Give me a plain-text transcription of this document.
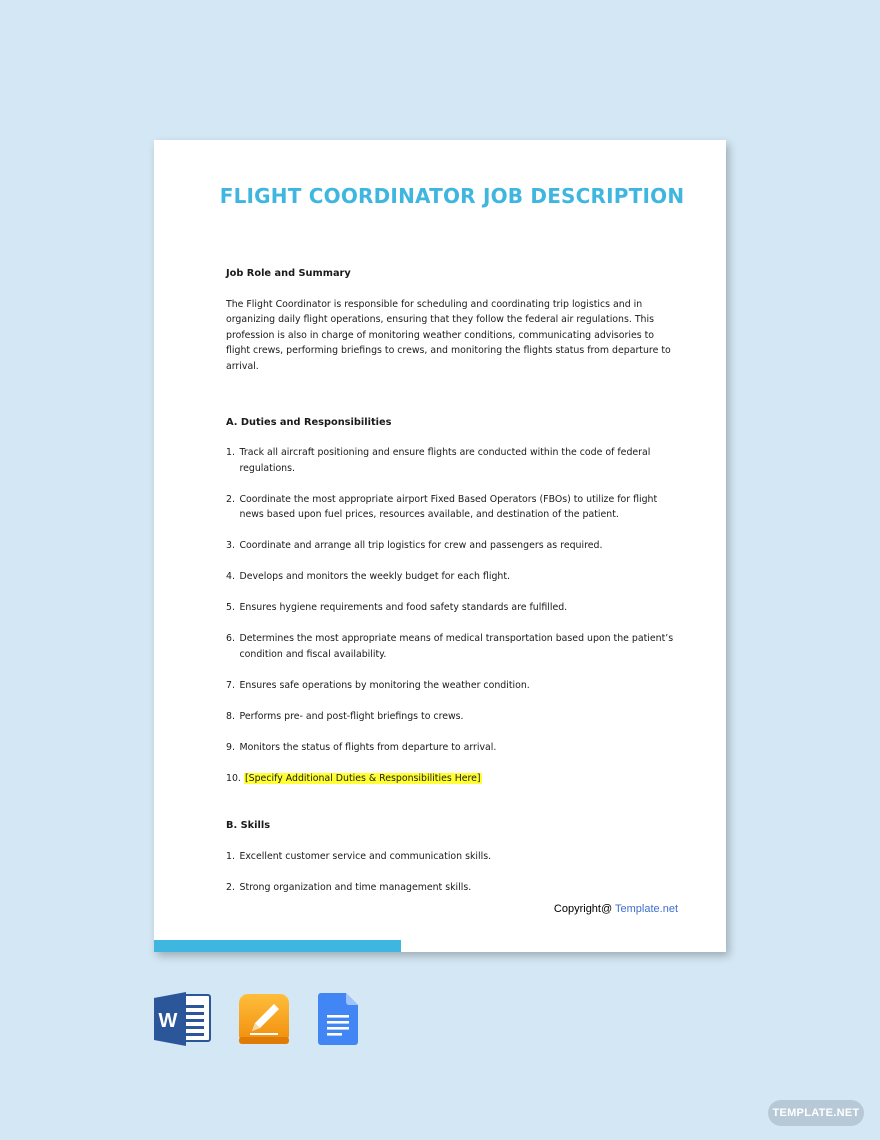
FLIGHT COORDINATOR JOB DESCRIPTION

Job Role and Summary

The Flight Coordinator is responsible for scheduling and coordinating trip logistics and in organizing daily flight operations, ensuring that they follow the federal air regulations. This profession is also in charge of monitoring weather conditions, communicating advisories to flight crews, performing briefings to crews, and monitoring the flights status from departure to arrival.

A. Duties and Responsibilities

1. Track all aircraft positioning and ensure flights are conducted within the code of federal regulations.
2. Coordinate the most appropriate airport Fixed Based Operators (FBOs) to utilize for flight news based upon fuel prices, resources available, and destination of the patient.
3. Coordinate and arrange all trip logistics for crew and passengers as required.
4. Develops and monitors the weekly budget for each flight.
5. Ensures hygiene requirements and food safety standards are fulfilled.
6. Determines the most appropriate means of medical transportation based upon the patient’s condition and fiscal availability.
7. Ensures safe operations by monitoring the weather condition.
8. Performs pre- and post-flight briefings to crews.
9. Monitors the status of flights from departure to arrival.
10. [Specify Additional Duties & Responsibilities Here]

B. Skills

1. Excellent customer service and communication skills.
2. Strong organization and time management skills.
Copyright@ Template.net
W
TEMPLATE.NET
